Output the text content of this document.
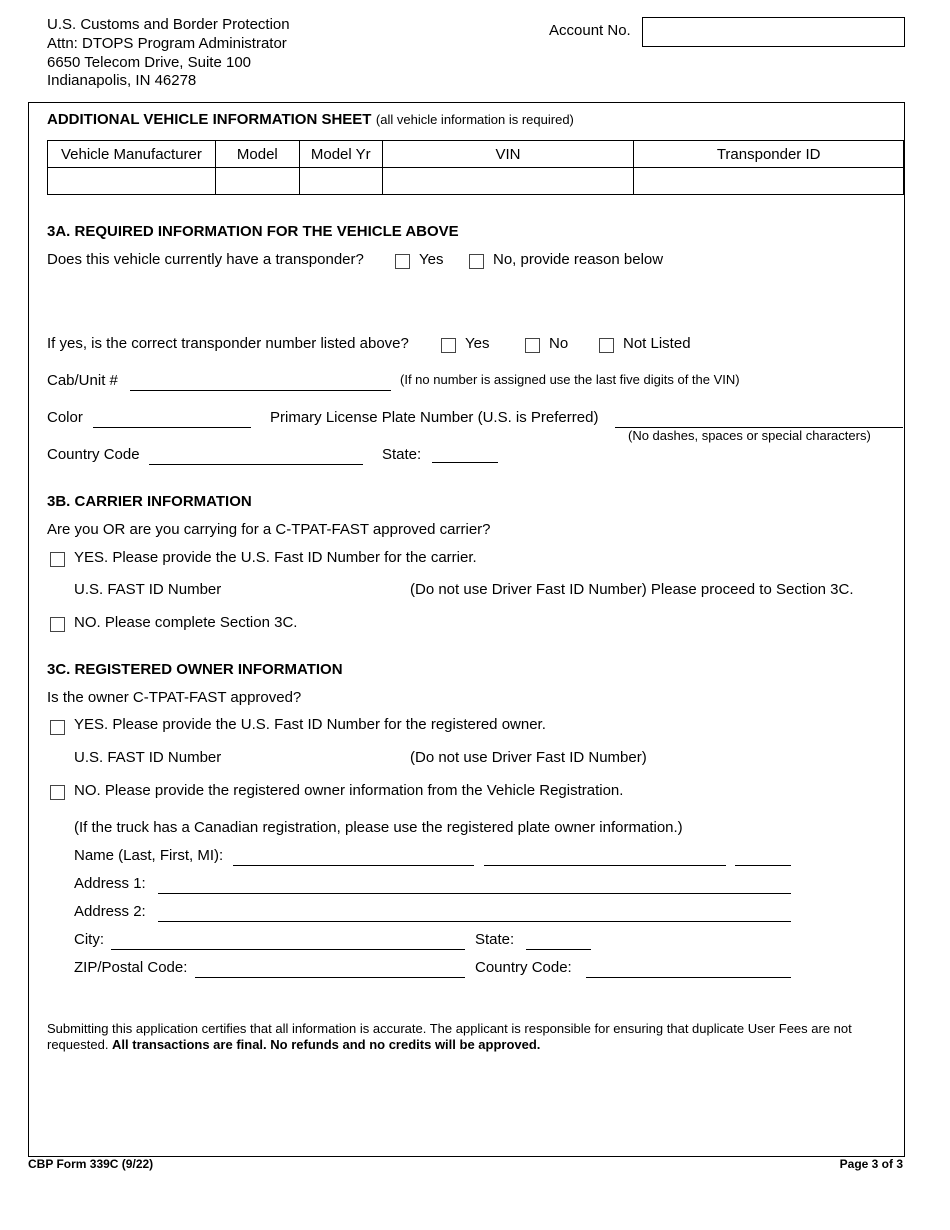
U.S. Customs and Border Protection
Attn: DTOPS Program Administrator
6650 Telecom Drive, Suite 100
Indianapolis, IN 46278
Account No.
ADDITIONAL VEHICLE INFORMATION SHEET (all vehicle information is required)
Vehicle Manufacturer	Model	Model Yr	VIN	Transponder ID

3A. REQUIRED INFORMATION FOR THE VEHICLE ABOVE
Does this vehicle currently have a transponder?	Yes	No, provide reason below
If yes, is the correct transponder number listed above?	Yes	No	Not Listed
Cab/Unit #	(If no number is assigned use the last five digits of the VIN)
Color	Primary License Plate Number (U.S. is Preferred)
(No dashes, spaces or special characters)
Country Code	State:
3B. CARRIER INFORMATION
Are you OR are you carrying for a C-TPAT-FAST approved carrier?
YES. Please provide the U.S. Fast ID Number for the carrier.
U.S. FAST ID Number	(Do not use Driver Fast ID Number) Please proceed to Section 3C.
NO. Please complete Section 3C.
3C. REGISTERED OWNER INFORMATION
Is the owner C-TPAT-FAST approved?
YES. Please provide the U.S. Fast ID Number for the registered owner.
U.S. FAST ID Number	(Do not use Driver Fast ID Number)
NO. Please provide the registered owner information from the Vehicle Registration.
(If the truck has a Canadian registration, please use the registered plate owner information.)
Name (Last, First, MI):
Address 1:
Address 2:
City:	State:
ZIP/Postal Code:	Country Code:
Submitting this application certifies that all information is accurate. The applicant is responsible for ensuring that duplicate User Fees are not requested. All transactions are final. No refunds and no credits will be approved.
CBP Form 339C (9/22)	Page 3 of 3
